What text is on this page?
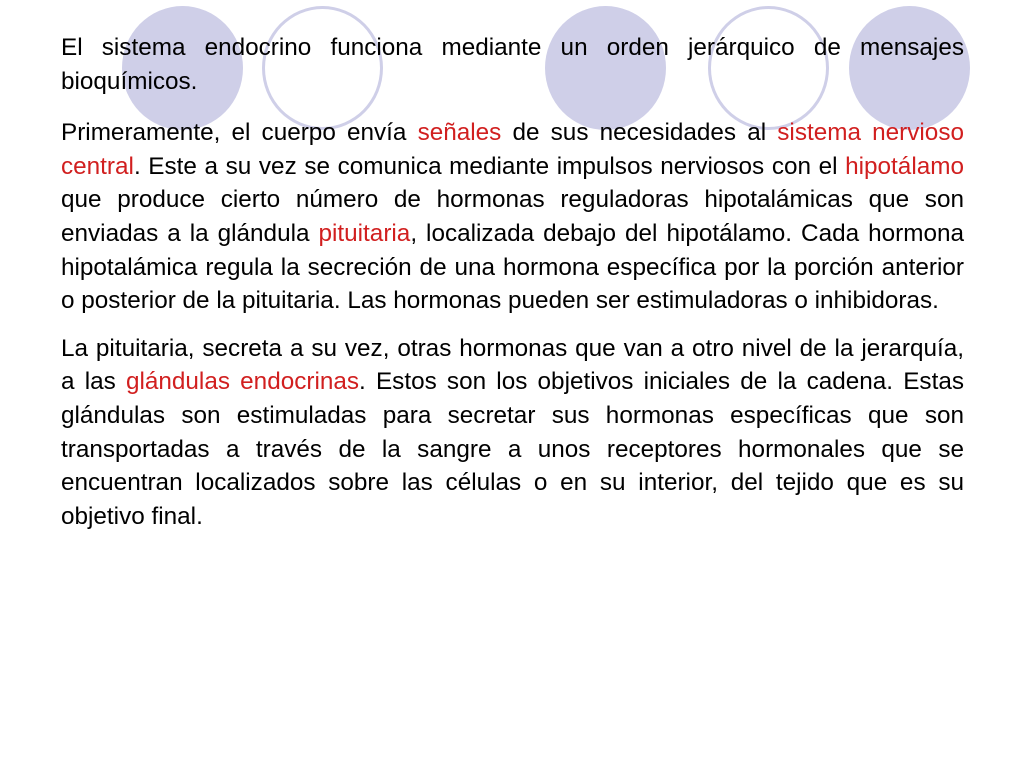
El sistema endocrino funciona mediante un orden jerárquico de mensajes bioquímicos.

Primeramente, el cuerpo envía señales de sus necesidades al sistema nervioso central. Este a su vez se comunica mediante impulsos nerviosos con el hipotálamo que produce cierto número de hormonas reguladoras hipotalámicas que son enviadas a la glándula pituitaria, localizada debajo del hipotálamo. Cada hormona hipotalámica regula la secreción de una hormona específica por la porción anterior o posterior de la pituitaria. Las hormonas pueden ser estimuladoras o inhibidoras.

La pituitaria, secreta a su vez, otras hormonas que van a otro nivel de la jerarquía, a las glándulas endocrinas. Estos son los objetivos iniciales de la cadena. Estas glándulas son estimuladas para secretar sus hormonas específicas que son transportadas a través de la sangre a unos receptores hormonales que se encuentran localizados sobre las células o en su interior, del tejido que es su objetivo final.
